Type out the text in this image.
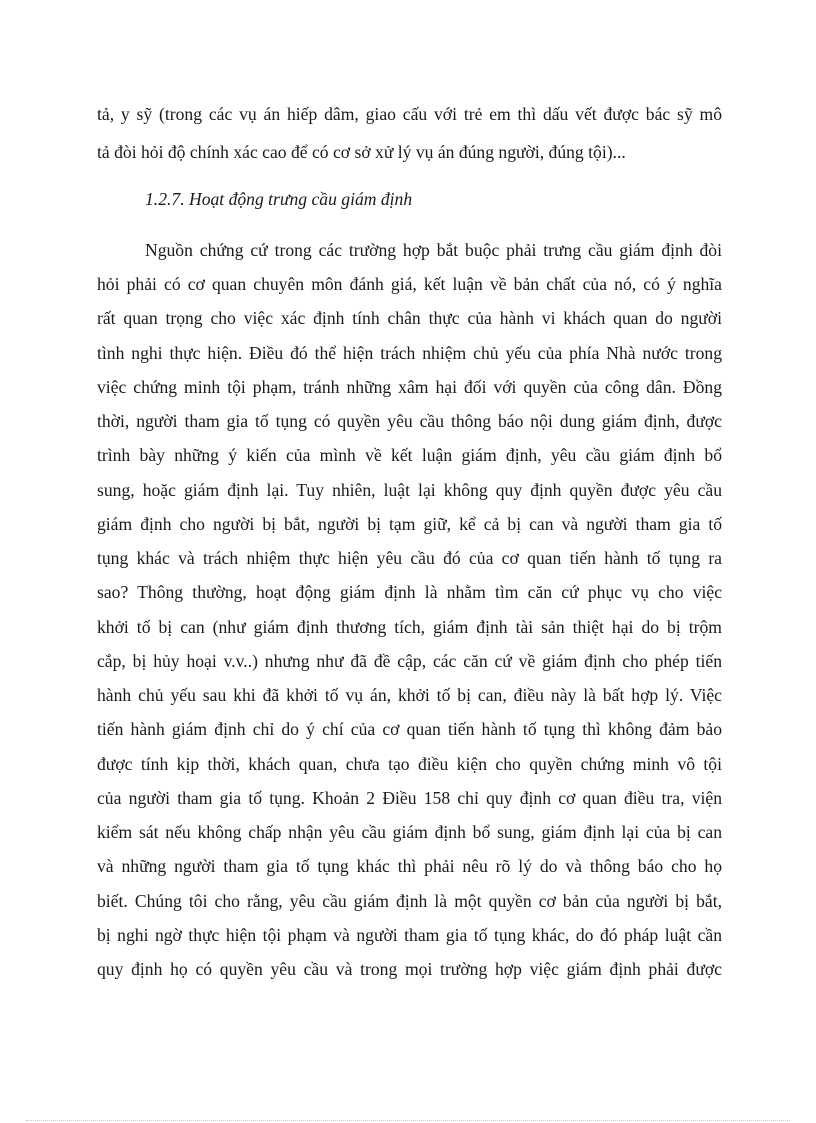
tả, y sỹ (trong các vụ án hiếp dâm, giao cấu với trẻ em thì dấu vết được bác sỹ mô
tả đòi hỏi độ chính xác cao để có cơ sở xử lý vụ án đúng người, đúng tội)...
1.2.7. Hoạt động trưng cầu giám định
Nguồn chứng cứ trong các trường hợp bắt buộc phải trưng cầu giám định đòi
hỏi phải có cơ quan chuyên môn đánh giá, kết luận về bản chất của nó, có ý nghĩa
rất quan trọng cho việc xác định tính chân thực của hành vi khách quan do người
tình nghi thực hiện. Điều đó thể hiện trách nhiệm chủ yếu của phía Nhà nước trong
việc chứng minh tội phạm, tránh những xâm hại đối với quyền của công dân. Đồng
thời, người tham gia tố tụng có quyền yêu cầu thông báo nội dung giám định, được
trình bày những ý kiến của mình về kết luận giám định, yêu cầu giám định bổ
sung, hoặc giám định lại. Tuy nhiên, luật lại không quy định quyền được yêu cầu
giám định cho người bị bắt, người bị tạm giữ, kể cả bị can và người tham gia tố
tụng khác và trách nhiệm thực hiện yêu cầu đó của cơ quan tiến hành tố tụng ra
sao? Thông thường, hoạt động giám định là nhằm tìm căn cứ phục vụ cho việc
khởi tố bị can (như giám định thương tích, giám định tài sản thiệt hại do bị trộm
cắp, bị hủy hoại v.v..) nhưng như đã đề cập, các căn cứ về giám định cho phép tiến
hành chủ yếu sau khi đã khởi tố vụ án, khởi tố bị can, điều này là bất hợp lý. Việc
tiến hành giám định chỉ do ý chí của cơ quan tiến hành tố tụng thì không đảm bảo
được tính kịp thời, khách quan, chưa tạo điều kiện cho quyền chứng minh vô tội
của người tham gia tố tụng. Khoản 2 Điều 158 chỉ quy định cơ quan điều tra, viện
kiểm sát nếu không chấp nhận yêu cầu giám định bổ sung, giám định lại của bị can
và những người tham gia tố tụng khác thì phải nêu rõ lý do và thông báo cho họ
biết. Chúng tôi cho rằng, yêu cầu giám định là một quyền cơ bản của người bị bắt,
bị nghi ngờ thực hiện tội phạm và người tham gia tố tụng khác, do đó pháp luật cần
quy định họ có quyền yêu cầu và trong mọi trường hợp việc giám định phải được
